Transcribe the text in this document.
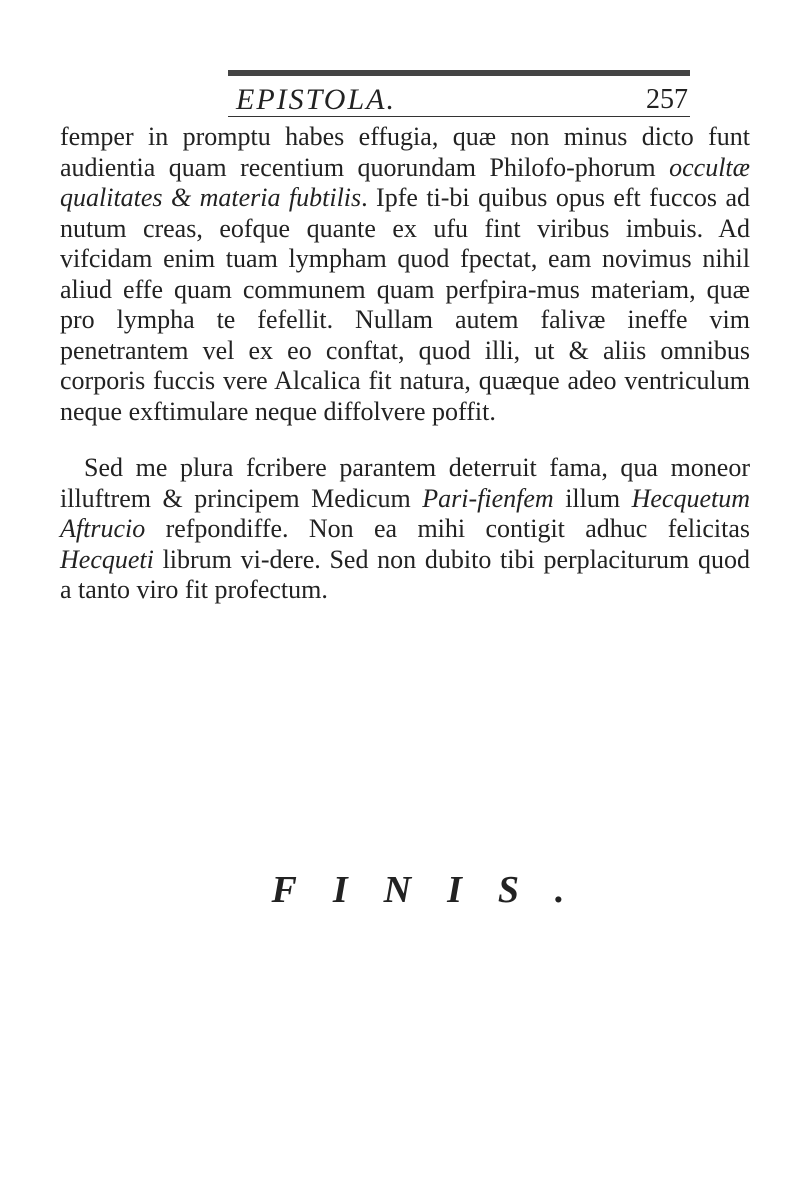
EPISTOLA.	257

femper in promptu habes effugia, quæ non minus dicto funt audientia quam recentium quorundam Philofo-phorum occultæ qualitates & materia fubtilis. Ipfe ti-bi quibus opus eft fuccos ad nutum creas, eofque quante ex ufu fint viribus imbuis. Ad vifcidam enim tuam lympham quod fpectat, eam novimus nihil aliud effe quam communem quam perfpira-mus materiam, quæ pro lympha te fefellit. Nullam autem falivæ ineffe vim penetrantem vel ex eo conftat, quod illi, ut & aliis omnibus corporis fuccis vere Alcalica fit natura, quæque adeo ventriculum neque exftimulare neque diffolvere poffit.

Sed me plura fcribere parantem deterruit fama, qua moneor illuftrem & principem Medicum Pari-fienfem illum Hecquetum Aftrucio refpondiffe. Non ea mihi contigit adhuc felicitas Hecqueti librum vi-dere. Sed non dubito tibi perplaciturum quod a tanto viro fit profectum.

FINIS.
